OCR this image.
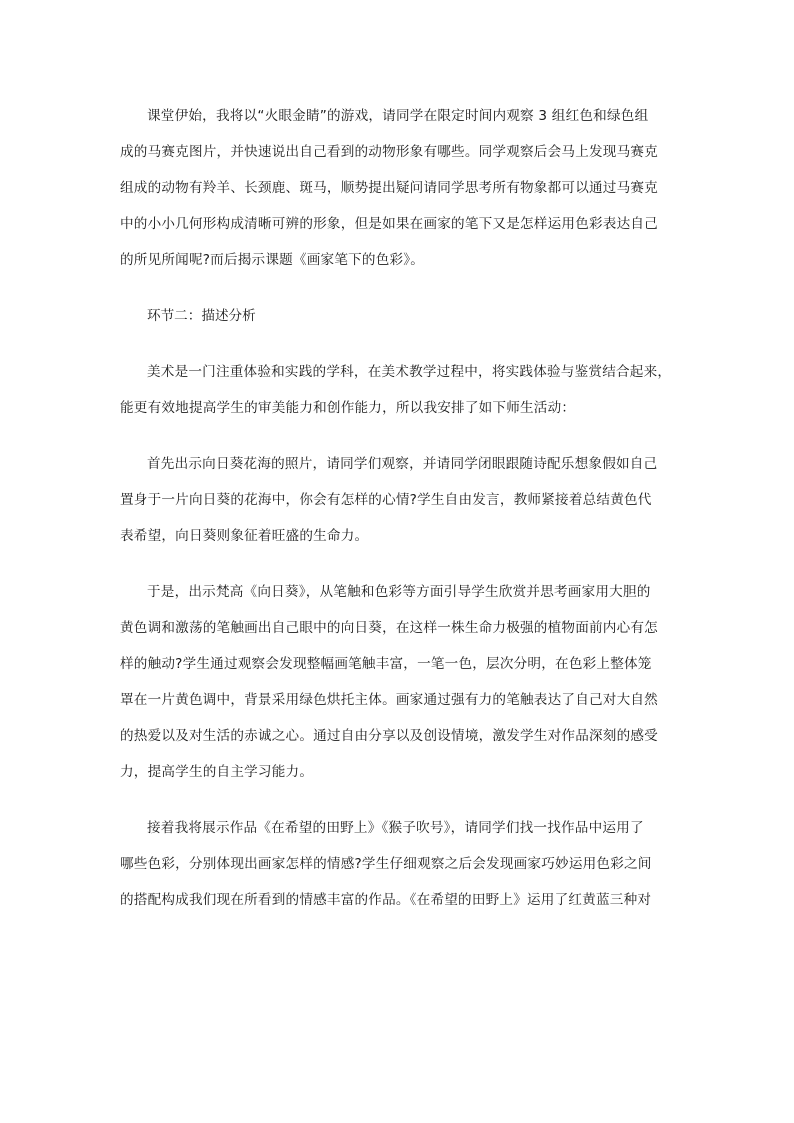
课堂伊始，我将以“火眼金睛”的游戏，请同学在限定时间内观察 3 组红色和绿色组
成的马赛克图片，并快速说出自己看到的动物形象有哪些。同学观察后会马上发现马赛克
组成的动物有羚羊、长颈鹿、斑马，顺势提出疑问请同学思考所有物象都可以通过马赛克
中的小小几何形构成清晰可辨的形象，但是如果在画家的笔下又是怎样运用色彩表达自己
的所见所闻呢?而后揭示课题《画家笔下的色彩》。
环节二：描述分析
美术是一门注重体验和实践的学科，在美术教学过程中，将实践体验与鉴赏结合起来，
能更有效地提高学生的审美能力和创作能力，所以我安排了如下师生活动：
首先出示向日葵花海的照片，请同学们观察，并请同学闭眼跟随诗配乐想象假如自己
置身于一片向日葵的花海中，你会有怎样的心情?学生自由发言，教师紧接着总结黄色代
表希望，向日葵则象征着旺盛的生命力。
于是，出示梵高《向日葵》，从笔触和色彩等方面引导学生欣赏并思考画家用大胆的
黄色调和激荡的笔触画出自己眼中的向日葵，在这样一株生命力极强的植物面前内心有怎
样的触动?学生通过观察会发现整幅画笔触丰富，一笔一色，层次分明，在色彩上整体笼
罩在一片黄色调中，背景采用绿色烘托主体。画家通过强有力的笔触表达了自己对大自然
的热爱以及对生活的赤诚之心。通过自由分享以及创设情境，激发学生对作品深刻的感受
力，提高学生的自主学习能力。
接着我将展示作品《在希望的田野上》《猴子吹号》，请同学们找一找作品中运用了
哪些色彩，分别体现出画家怎样的情感?学生仔细观察之后会发现画家巧妙运用色彩之间
的搭配构成我们现在所看到的情感丰富的作品。《在希望的田野上》运用了红黄蓝三种对
